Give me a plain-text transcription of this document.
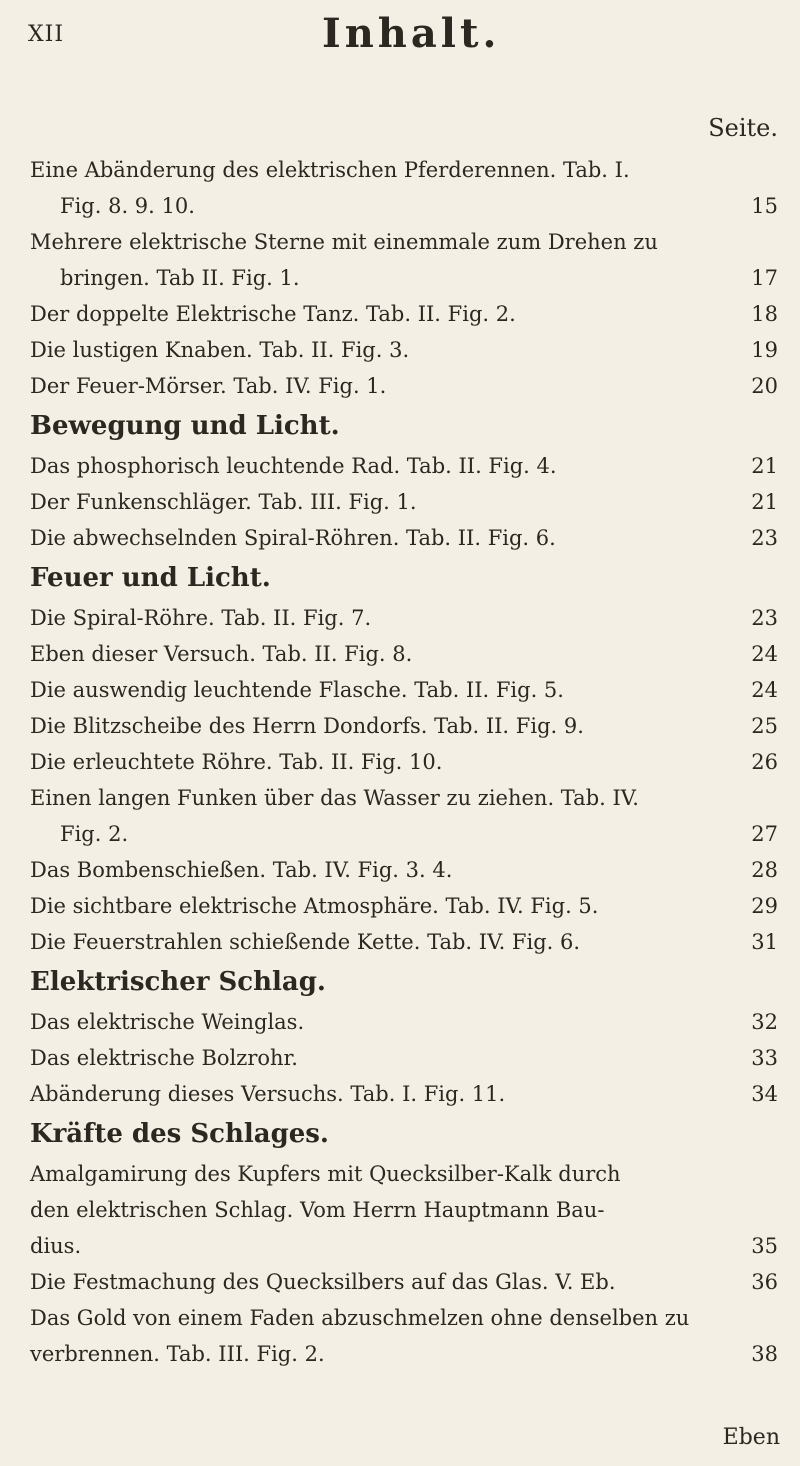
XII	Inhalt.
Seite.
Eine Abänderung des elektrischen Pferderennen. Tab. I.
Fig. 8. 9. 10.	15
Mehrere elektrische Sterne mit einemmale zum Drehen zu
bringen. Tab II. Fig. 1.	17
Der doppelte Elektrische Tanz. Tab. II. Fig. 2.	18
Die lustigen Knaben. Tab. II. Fig. 3.	19
Der Feuer-Mörser. Tab. IV. Fig. 1.	20
Bewegung und Licht.
Das phosphorisch leuchtende Rad. Tab. II. Fig. 4.	21
Der Funkenschläger. Tab. III. Fig. 1.	21
Die abwechselnden Spiral-Röhren. Tab. II. Fig. 6.	23
Feuer und Licht.
Die Spiral-Röhre. Tab. II. Fig. 7.	23
Eben dieser Versuch. Tab. II. Fig. 8.	24
Die auswendig leuchtende Flasche. Tab. II. Fig. 5.	24
Die Blitzscheibe des Herrn Dondorfs. Tab. II. Fig. 9.	25
Die erleuchtete Röhre. Tab. II. Fig. 10.	26
Einen langen Funken über das Wasser zu ziehen. Tab. IV.
Fig. 2.	27
Das Bombenschießen. Tab. IV. Fig. 3. 4.	28
Die sichtbare elektrische Atmosphäre. Tab. IV. Fig. 5.	29
Die Feuerstrahlen schießende Kette. Tab. IV. Fig. 6.	31
Elektrischer Schlag.
Das elektrische Weinglas.	32
Das elektrische Bolzrohr.	33
Abänderung dieses Versuchs. Tab. I. Fig. 11.	34
Kräfte des Schlages.
Amalgamirung des Kupfers mit Quecksilber-Kalk durch
den elektrischen Schlag. Vom Herrn Hauptmann Bau-
dius.	35
Die Festmachung des Quecksilbers auf das Glas. V. Eb.	36
Das Gold von einem Faden abzuschmelzen ohne denselben zu
verbrennen. Tab. III. Fig. 2.	38
Eben
